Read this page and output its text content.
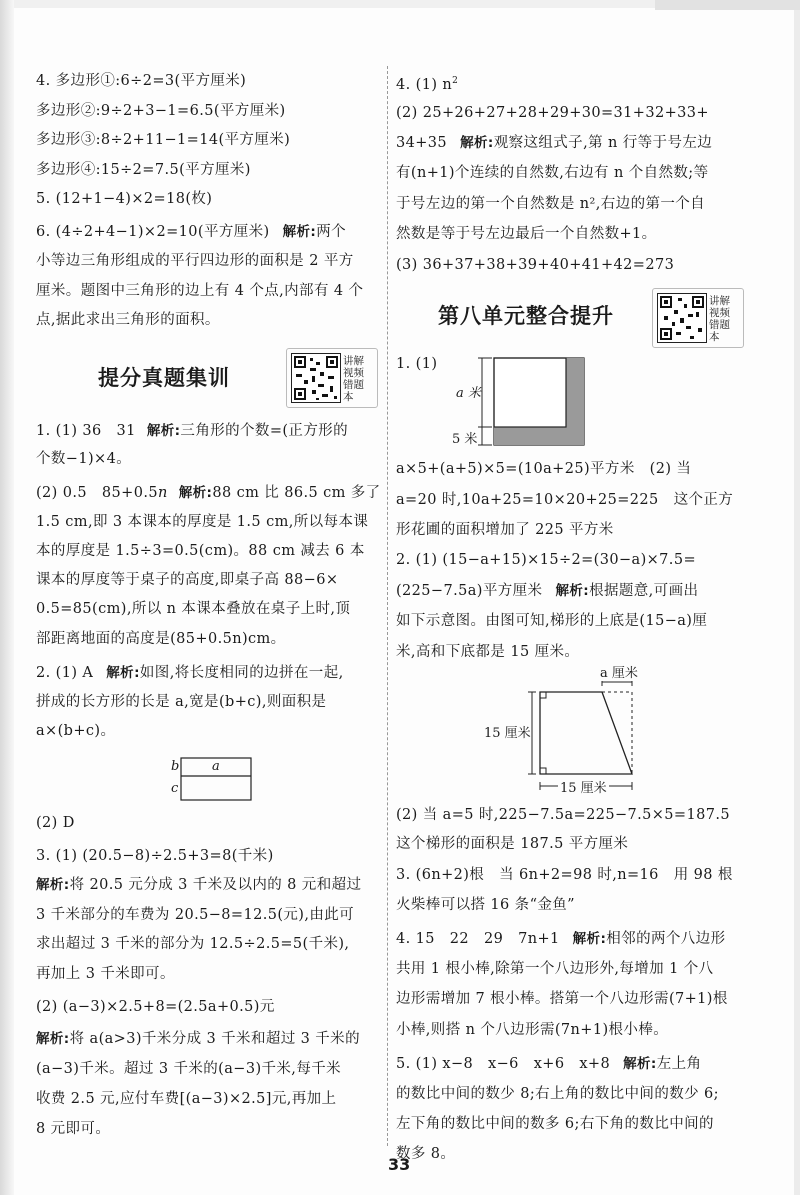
4. 多边形①:6÷2=3(平方厘米)
多边形②:9÷2+3−1=6.5(平方厘米)
多边形③:8÷2+11−1=14(平方厘米)
多边形④:15÷2=7.5(平方厘米)
5. (12+1−4)×2=18(枚)
6. (4÷2+4−1)×2=10(平方厘米) 解析:两个
小等边三角形组成的平行四边形的面积是 2 平方
厘米。题图中三角形的边上有 4 个点,内部有 4 个
点,据此求出三角形的面积。
提分真题集训
讲解
视频
错题
本
1. (1) 36　31 解析:三角形的个数=(正方形的
个数−1)×4。
(2) 0.5　85+0.5n 解析:88 cm 比 86.5 cm 多了
1.5 cm,即 3 本课本的厚度是 1.5 cm,所以每本课
本的厚度是 1.5÷3=0.5(cm)。88 cm 减去 6 本
课本的厚度等于桌子的高度,即桌子高 88−6×
0.5=85(cm),所以 n 本课本叠放在桌子上时,顶
部距离地面的高度是(85+0.5n)cm。
2. (1) A 解析:如图,将长度相同的边拼在一起,
拼成的长方形的长是 a,宽是(b+c),则面积是
a×(b+c)。
b	a
c
(2) D
3. (1) (20.5−8)÷2.5+3=8(千米)
解析:将 20.5 元分成 3 千米及以内的 8 元和超过
3 千米部分的车费为 20.5−8=12.5(元),由此可
求出超过 3 千米的部分为 12.5÷2.5=5(千米),
再加上 3 千米即可。
(2) (a−3)×2.5+8=(2.5a+0.5)元
解析:将 a(a>3)千米分成 3 千米和超过 3 千米的
(a−3)千米。超过 3 千米的(a−3)千米,每千米
收费 2.5 元,应付车费[(a−3)×2.5]元,再加上
8 元即可。
4. (1) $n^2$
(2) 25+26+27+28+29+30=31+32+33+
34+35 解析:观察这组式子,第 n 行等于号左边
有(n+1)个连续的自然数,右边有 n 个自然数;等
于号左边的第一个自然数是 n²,右边的第一个自
然数是等于号左边最后一个自然数+1。
(3) 36+37+38+39+40+41+42=273
第八单元整合提升
讲解
视频
错题
本
1. (1)
a 米
5 米
a×5+(a+5)×5=(10a+25)平方米　(2) 当
a=20 时,10a+25=10×20+25=225　这个正方
形花圃的面积增加了 225 平方米
2. (1) (15−a+15)×15÷2=(30−a)×7.5=
(225−7.5a)平方厘米 解析:根据题意,可画出
如下示意图。由图可知,梯形的上底是(15−a)厘
米,高和下底都是 15 厘米。
a 厘米
15 厘米
15 厘米
(2) 当 a=5 时,225−7.5a=225−7.5×5=187.5
这个梯形的面积是 187.5 平方厘米
3. (6n+2)根　当 6n+2=98 时,n=16　用 98 根
火柴棒可以搭 16 条“金鱼”
4. 15　22　29　7n+1 解析:相邻的两个八边形
共用 1 根小棒,除第一个八边形外,每增加 1 个八
边形需增加 7 根小棒。搭第一个八边形需(7+1)根
小棒,则搭 n 个八边形需(7n+1)根小棒。
5. (1) x−8　x−6　x+6　x+8 解析:左上角
的数比中间的数少 8;右上角的数比中间的数少 6;
左下角的数比中间的数多 6;右下角的数比中间的
数多 8。
33
